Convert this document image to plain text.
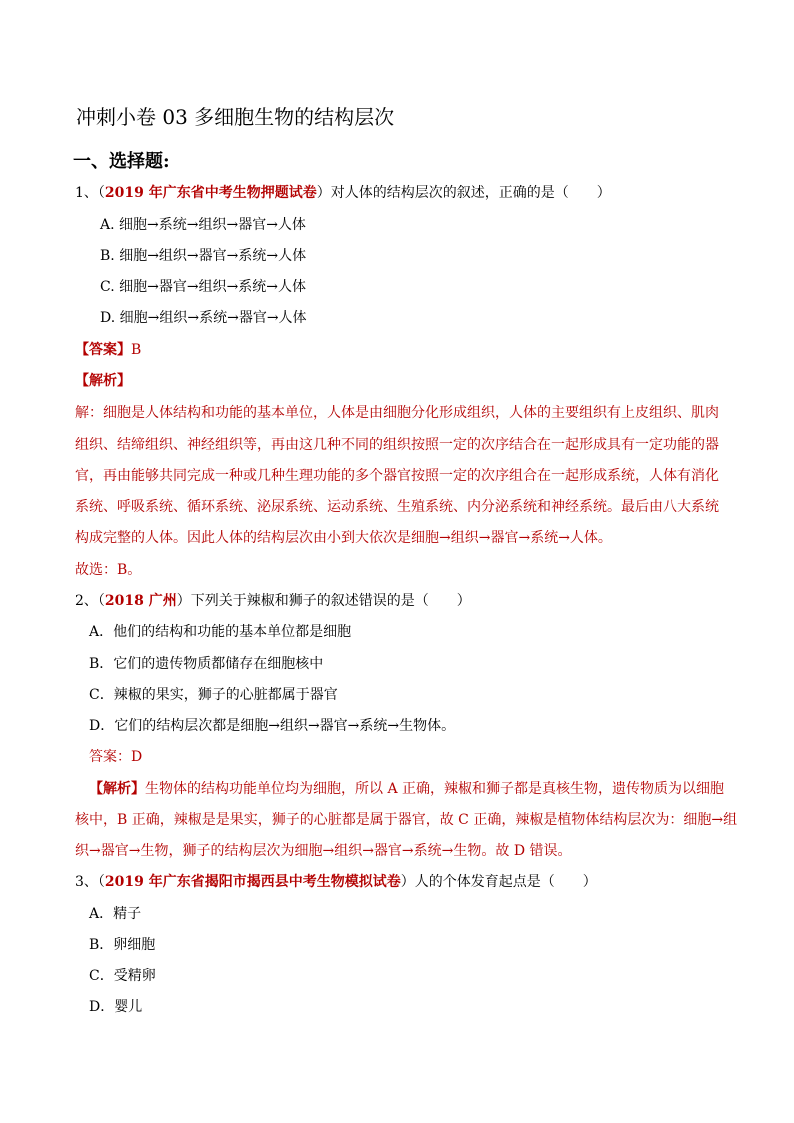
冲刺小卷 03 多细胞生物的结构层次
一、选择题:
1、（2019 年广东省中考生物押题试卷）对人体的结构层次的叙述，正确的是（　　）
A. 细胞→系统→组织→器官→人体
B. 细胞→组织→器官→系统→人体
C. 细胞→器官→组织→系统→人体
D. 细胞→组织→系统→器官→人体
【答案】B
【解析】
解：细胞是人体结构和功能的基本单位，人体是由细胞分化形成组织，人体的主要组织有上皮组织、肌肉
组织、结缔组织、神经组织等，再由这几种不同的组织按照一定的次序结合在一起形成具有一定功能的器
官，再由能够共同完成一种或几种生理功能的多个器官按照一定的次序组合在一起形成系统，人体有消化
系统、呼吸系统、循环系统、泌尿系统、运动系统、生殖系统、内分泌系统和神经系统。最后由八大系统
构成完整的人体。因此人体的结构层次由小到大依次是细胞→组织→器官→系统→人体。
故选：B。
2、（2018 广州）下列关于辣椒和狮子的叙述错误的是（　　）
A．他们的结构和功能的基本单位都是细胞
B．它们的遗传物质都储存在细胞核中
C．辣椒的果实，狮子的心脏都属于器官
D．它们的结构层次都是细胞→组织→器官→系统→生物体。
答案：D
【解析】生物体的结构功能单位均为细胞，所以 A 正确，辣椒和狮子都是真核生物，遗传物质为以细胞
核中，B 正确，辣椒是是果实，狮子的心脏都是属于器官，故 C 正确，辣椒是植物体结构层次为：细胞→组
织→器官→生物，狮子的结构层次为细胞→组织→器官→系统→生物。故 D 错误。
3、（2019 年广东省揭阳市揭西县中考生物模拟试卷）人的个体发育起点是（　　）
A．精子
B．卵细胞
C．受精卵
D．婴儿
